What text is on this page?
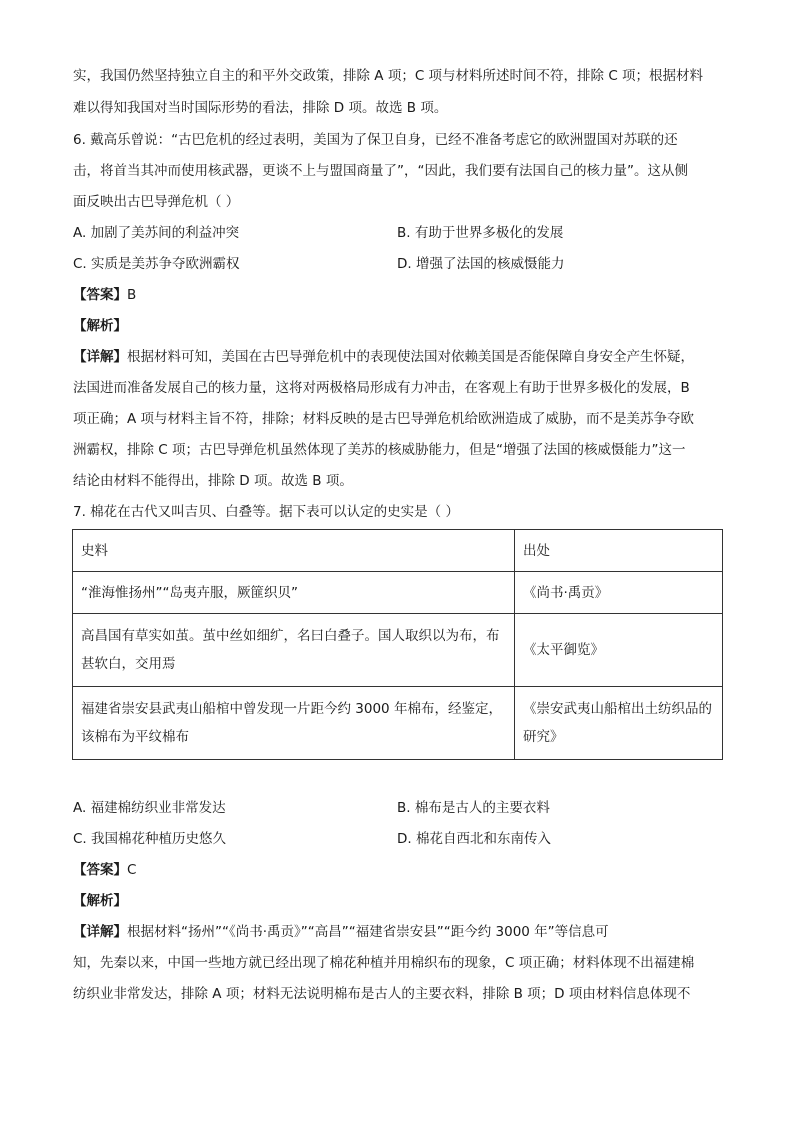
实，我国仍然坚持独立自主的和平外交政策，排除 A 项；C 项与材料所述时间不符，排除 C 项；根据材料
难以得知我国对当时国际形势的看法，排除 D 项。故选 B 项。
6. 戴高乐曾说：“古巴危机的经过表明，美国为了保卫自身，已经不准备考虑它的欧洲盟国对苏联的还
击，将首当其冲而使用核武器，更谈不上与盟国商量了”，“因此，我们要有法国自己的核力量”。这从侧
面反映出古巴导弹危机（ ）
A. 加剧了美苏间的利益冲突	B. 有助于世界多极化的发展
C. 实质是美苏争夺欧洲霸权	D. 增强了法国的核威慑能力
【答案】B
【解析】
【详解】根据材料可知，美国在古巴导弹危机中的表现使法国对依赖美国是否能保障自身安全产生怀疑，
法国进而准备发展自己的核力量，这将对两极格局形成有力冲击，在客观上有助于世界多极化的发展，B
项正确；A 项与材料主旨不符，排除；材料反映的是古巴导弹危机给欧洲造成了威胁，而不是美苏争夺欧
洲霸权，排除 C 项；古巴导弹危机虽然体现了美苏的核威胁能力，但是“增强了法国的核威慑能力”这一
结论由材料不能得出，排除 D 项。故选 B 项。
7. 棉花在古代又叫吉贝、白叠等。据下表可以认定的史实是（ ）
史料	出处
“淮海惟扬州”“岛夷卉服，厥篚织贝”	《尚书·禹贡》
高昌国有草实如茧。茧中丝如细纩，名曰白叠子。国人取织以为布，布甚软白，交用焉	《太平御览》
福建省崇安县武夷山船棺中曾发现一片距今约 3000 年棉布，经鉴定，该棉布为平纹棉布	《崇安武夷山船棺出土纺织品的研究》
A. 福建棉纺织业非常发达	B. 棉布是古人的主要衣料
C. 我国棉花种植历史悠久	D. 棉花自西北和东南传入
【答案】C
【解析】
【详解】根据材料“扬州”“《尚书·禹贡》”“高昌”“福建省崇安县”“距今约 3000 年”等信息可
知，先秦以来，中国一些地方就已经出现了棉花种植并用棉织布的现象，C 项正确；材料体现不出福建棉
纺织业非常发达，排除 A 项；材料无法说明棉布是古人的主要衣料，排除 B 项；D 项由材料信息体现不
